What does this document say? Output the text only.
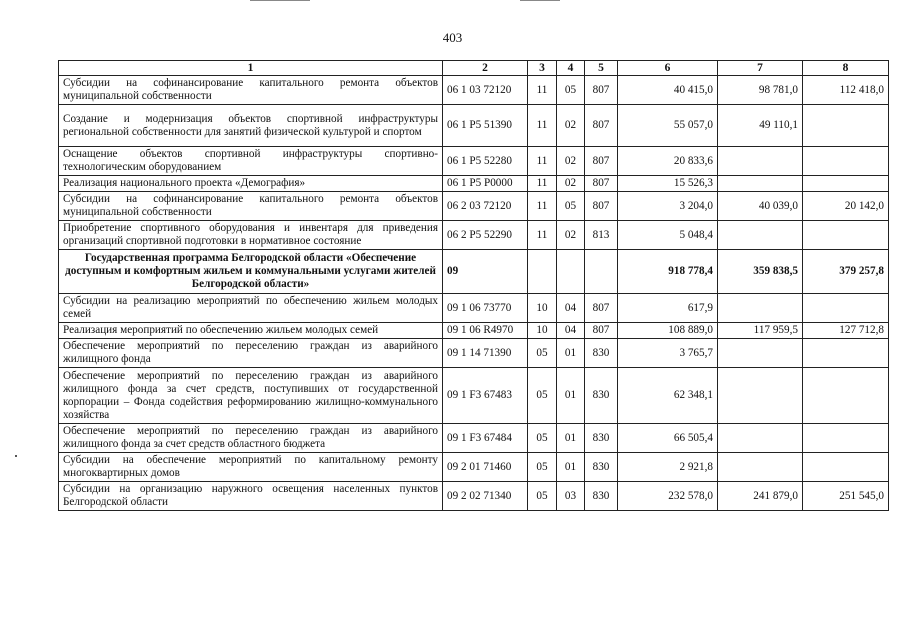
403
1	2	3	4	5	6	7	8
Субсидии на софинансирование капитального ремонта объектов муниципальной собственности	06 1 03 72120	11	05	807	40 415,0	98 781,0	112 418,0
Создание и модернизация объектов спортивной инфраструктуры региональной собственности для занятий физической культурой и спортом	06 1 P5 51390	11	02	807	55 057,0	49 110,1	
Оснащение объектов спортивной инфраструктуры спортивно-технологическим оборудованием	06 1 P5 52280	11	02	807	20 833,6		
Реализация национального проекта «Демография»	06 1 P5 P0000	11	02	807	15 526,3		
Субсидии на софинансирование капитального ремонта объектов муниципальной собственности	06 2 03 72120	11	05	807	3 204,0	40 039,0	20 142,0
Приобретение спортивного оборудования и инвентаря для приведения организаций спортивной подготовки в нормативное состояние	06 2 P5 52290	11	02	813	5 048,4		
Государственная программа Белгородской области «Обеспечение доступным и комфортным жильем и коммунальными услугами жителей Белгородской области»	09				918 778,4	359 838,5	379 257,8
Субсидии на реализацию мероприятий по обеспечению жильем молодых семей	09 1 06 73770	10	04	807	617,9		
Реализация мероприятий по обеспечению жильем молодых семей	09 1 06 R4970	10	04	807	108 889,0	117 959,5	127 712,8
Обеспечение мероприятий по переселению граждан из аварийного жилищного фонда	09 1 14 71390	05	01	830	3 765,7		
Обеспечение мероприятий по переселению граждан из аварийного жилищного фонда за счет средств, поступивших от государственной корпорации – Фонда содействия реформированию жилищно-коммунального хозяйства	09 1 F3 67483	05	01	830	62 348,1		
Обеспечение мероприятий по переселению граждан из аварийного жилищного фонда за счет средств областного бюджета	09 1 F3 67484	05	01	830	66 505,4		
Субсидии на обеспечение мероприятий по капитальному ремонту многоквартирных домов	09 2 01 71460	05	01	830	2 921,8		
Субсидии на организацию наружного освещения населенных пунктов Белгородской области	09 2 02 71340	05	03	830	232 578,0	241 879,0	251 545,0
